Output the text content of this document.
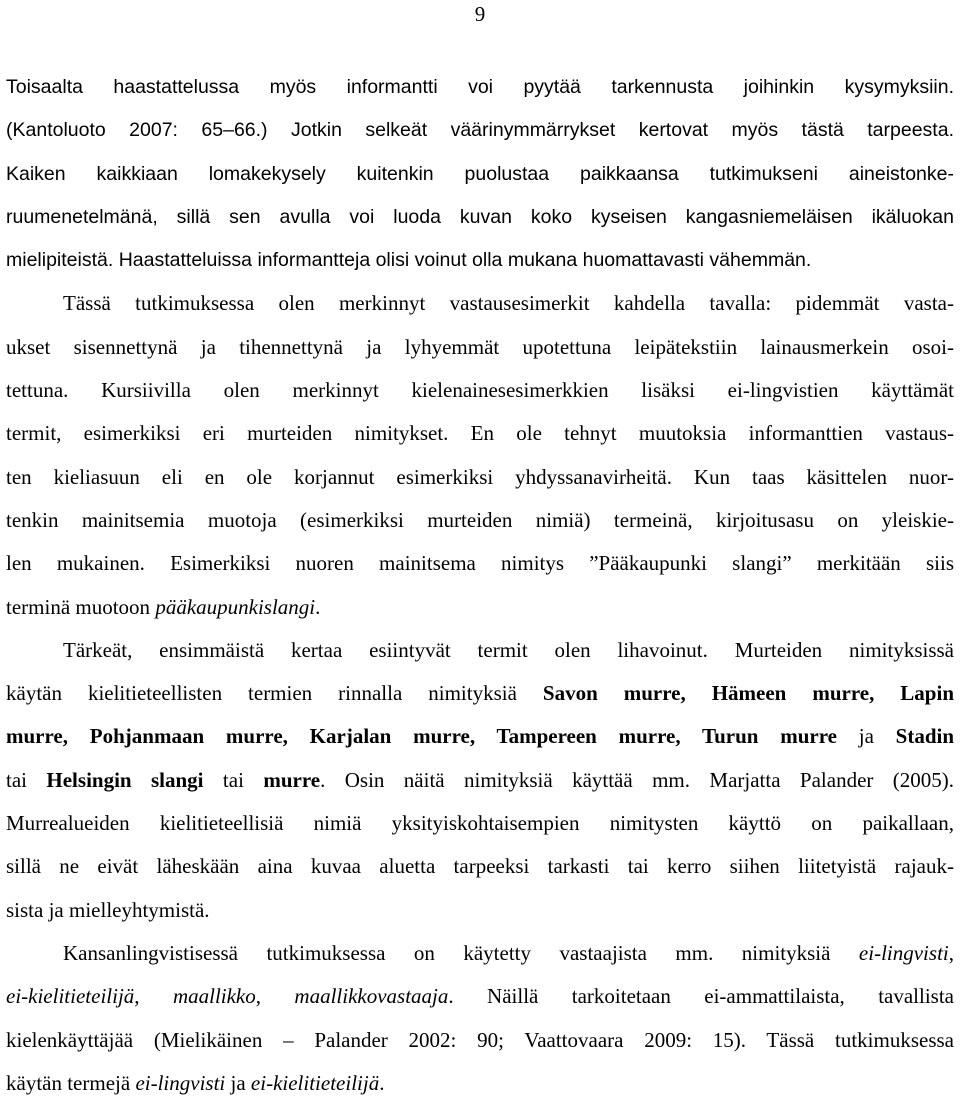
9
Toisaalta haastattelussa myös informantti voi pyytää tarkennusta joihinkin kysymyksiin.
(Kantoluoto 2007: 65–66.) Jotkin selkeät väärinymmärrykset kertovat myös tästä tarpeesta.
Kaiken kaikkiaan lomakekysely kuitenkin puolustaa paikkaansa tutkimukseni aineistonke-
ruumenetelmänä, sillä sen avulla voi luoda kuvan koko kyseisen kangasniemeläisen ikäluokan
mielipiteistä. Haastatteluissa informantteja olisi voinut olla mukana huomattavasti vähemmän.
Tässä tutkimuksessa olen merkinnyt vastausesimerkit kahdella tavalla: pidemmät vasta-
ukset sisennettynä ja tihennettynä ja lyhyemmät upotettuna leipätekstiin lainausmerkein osoi-
tettuna. Kursiivilla olen merkinnyt kielenainesesimerkkien lisäksi ei-lingvistien käyttämät
termit, esimerkiksi eri murteiden nimitykset. En ole tehnyt muutoksia informanttien vastaus-
ten kieliasuun eli en ole korjannut esimerkiksi yhdyssanavirheitä. Kun taas käsittelen nuor-
tenkin mainitsemia muotoja (esimerkiksi murteiden nimiä) termeinä, kirjoitusasu on yleiskie-
len mukainen. Esimerkiksi nuoren mainitsema nimitys ”Pääkaupunki slangi” merkitään siis
terminä muotoon pääkaupunkislangi.
Tärkeät, ensimmäistä kertaa esiintyvät termit olen lihavoinut. Murteiden nimityksissä
käytän kielitieteellisten termien rinnalla nimityksiä Savon murre, Hämeen murre, Lapin
murre, Pohjanmaan murre, Karjalan murre, Tampereen murre, Turun murre ja Stadin
tai Helsingin slangi tai murre. Osin näitä nimityksiä käyttää mm. Marjatta Palander (2005).
Murrealueiden kielitieteellisiä nimiä yksityiskohtaisempien nimitysten käyttö on paikallaan,
sillä ne eivät läheskään aina kuvaa aluetta tarpeeksi tarkasti tai kerro siihen liitetyistä rajauk-
sista ja mielleyhtymistä.
Kansanlingvistisessä tutkimuksessa on käytetty vastaajista mm. nimityksiä ei-lingvisti,
ei-kielitieteilijä, maallikko, maallikkovastaaja. Näillä tarkoitetaan ei-ammattilaista, tavallista
kielenkäyttäjää (Mielikäinen – Palander 2002: 90; Vaattovaara 2009: 15). Tässä tutkimuksessa
käytän termejä ei-lingvisti ja ei-kielitieteilijä.
